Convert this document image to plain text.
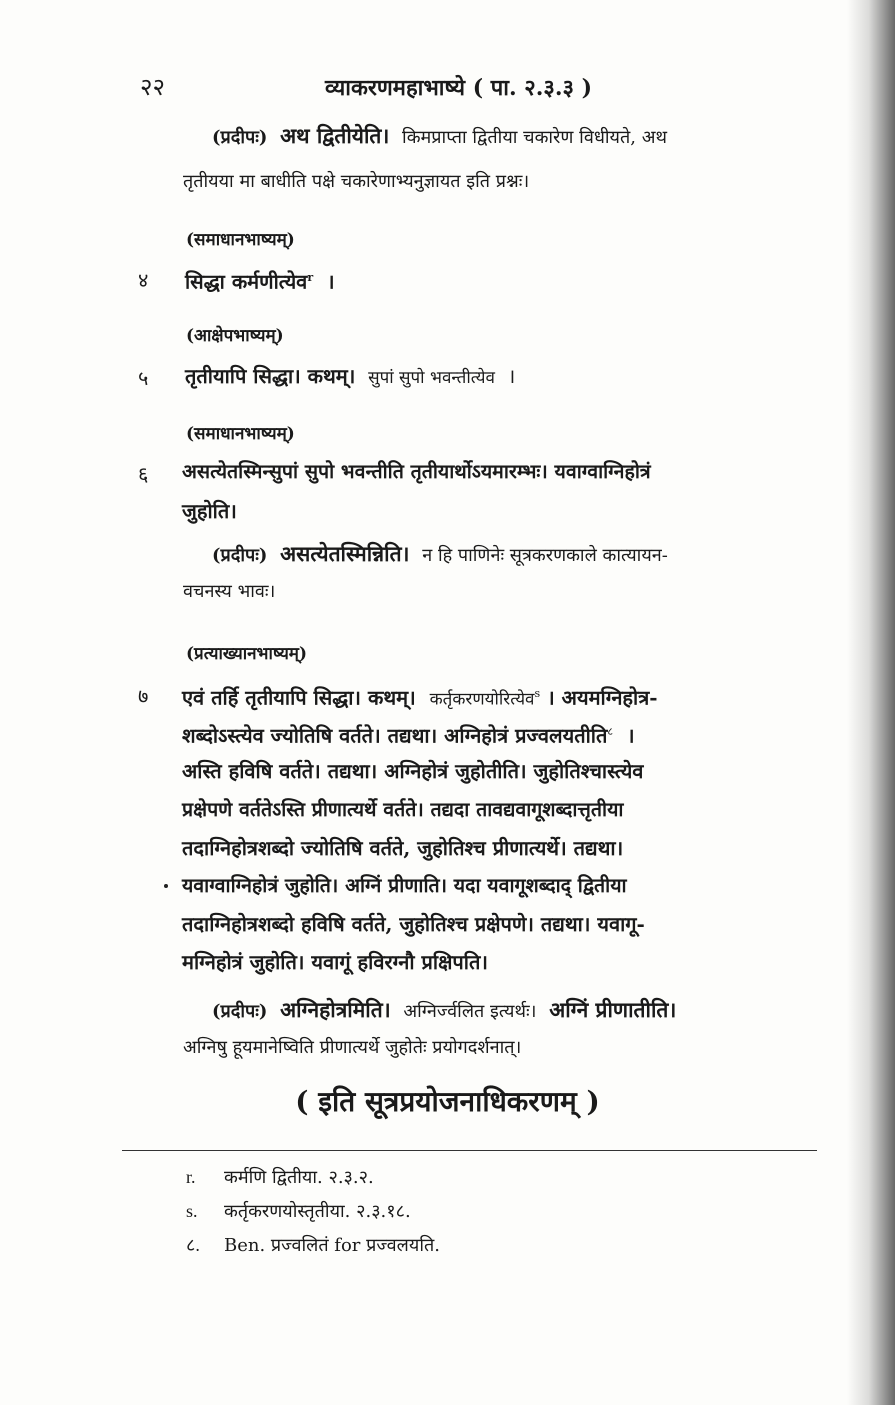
२२	व्याकरणमहाभाष्ये ( पा. २.३.३ )
(प्रदीपः) अथ द्वितीयेति। किमप्राप्ता द्वितीया चकारेण विधीयते, अथ
तृतीयया मा बाधीति पक्षे चकारेणाभ्यनुज्ञायत इति प्रश्नः।
(समाधानभाष्यम्)
४ सिद्धा कर्मणीत्येव$^r$ ।
(आक्षेपभाष्यम्)
५ तृतीयापि सिद्धा। कथम्। सुपां सुपो भवन्तीत्येव ।
(समाधानभाष्यम्)
६ असत्येतस्मिन्सुपां सुपो भवन्तीति तृतीयार्थोऽयमारम्भः। यवाग्वाग्निहोत्रं
जुहोति।
(प्रदीपः) असत्येतस्मिन्निति। न हि पाणिनेः सूत्रकरणकाले कात्यायन-
वचनस्य भावः।
(प्रत्याख्यानभाष्यम्)
७ एवं तर्हि तृतीयापि सिद्धा। कथम्। कर्तृकरणयोरित्येव$^s$ । अयमग्निहोत्र-
शब्दोऽस्त्येव ज्योतिषि वर्तते। तद्यथा। अग्निहोत्रं प्रज्वलयतीति$^८$ ।
अस्ति हविषि वर्तते। तद्यथा। अग्निहोत्रं जुहोतीति। जुहोतिश्चास्त्येव
प्रक्षेपणे वर्ततेऽस्ति प्रीणात्यर्थे वर्तते। तद्यदा तावद्यवागूशब्दात्तृतीया
तदाग्निहोत्रशब्दो ज्योतिषि वर्तते, जुहोतिश्च प्रीणात्यर्थे। तद्यथा।
यवाग्वाग्निहोत्रं जुहोति। अग्निं प्रीणाति। यदा यवागूशब्दाद् द्वितीया
तदाग्निहोत्रशब्दो हविषि वर्तते, जुहोतिश्च प्रक्षेपणे। तद्यथा। यवागू-
मग्निहोत्रं जुहोति। यवागूं हविरग्नौ प्रक्षिपति।
(प्रदीपः) अग्निहोत्रमिति। अग्निर्ज्वलित इत्यर्थः। अग्निं प्रीणातीति।
अग्निषु हूयमानेष्विति प्रीणात्यर्थे जुहोतेः प्रयोगदर्शनात्।
( इति सूत्रप्रयोजनाधिकरणम् )
r. कर्मणि द्वितीया. २.३.२.
s. कर्तृकरणयोस्तृतीया. २.३.१८.
८. Ben. प्रज्वलितं for प्रज्वलयति.
